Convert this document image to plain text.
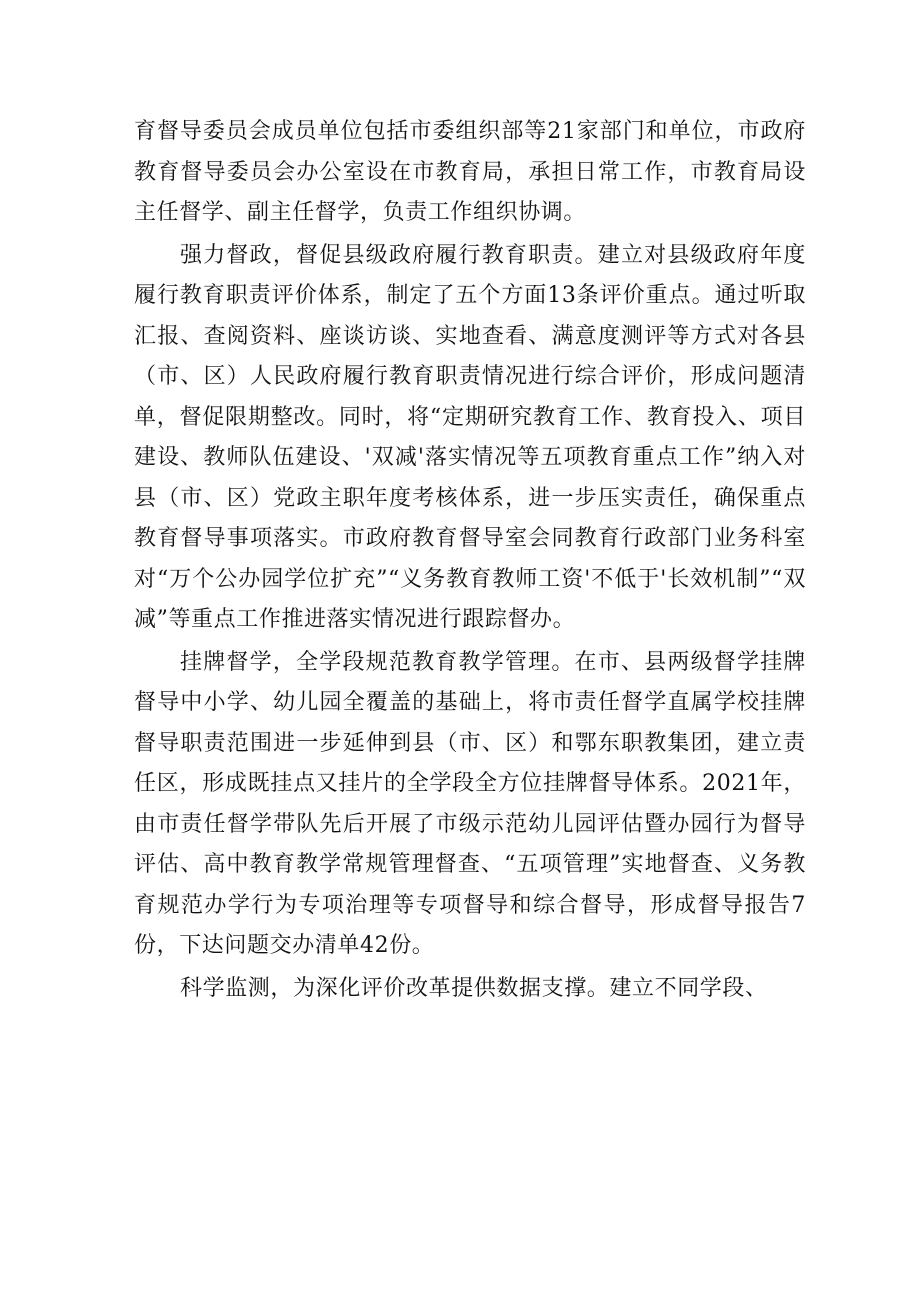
育督导委员会成员单位包括市委组织部等21家部门和单位，市政府教育督导委员会办公室设在市教育局，承担日常工作，市教育局设主任督学、副主任督学，负责工作组织协调。

强力督政，督促县级政府履行教育职责。建立对县级政府年度履行教育职责评价体系，制定了五个方面13条评价重点。通过听取汇报、查阅资料、座谈访谈、实地查看、满意度测评等方式对各县（市、区）人民政府履行教育职责情况进行综合评价，形成问题清单，督促限期整改。同时，将“定期研究教育工作、教育投入、项目建设、教师队伍建设、'双减'落实情况等五项教育重点工作”纳入对县（市、区）党政主职年度考核体系，进一步压实责任，确保重点教育督导事项落实。市政府教育督导室会同教育行政部门业务科室对“万个公办园学位扩充”“义务教育教师工资'不低于'长效机制”“双减”等重点工作推进落实情况进行跟踪督办。

挂牌督学，全学段规范教育教学管理。在市、县两级督学挂牌督导中小学、幼儿园全覆盖的基础上，将市责任督学直属学校挂牌督导职责范围进一步延伸到县（市、区）和鄂东职教集团，建立责任区，形成既挂点又挂片的全学段全方位挂牌督导体系。2021年，由市责任督学带队先后开展了市级示范幼儿园评估暨办园行为督导评估、高中教育教学常规管理督查、“五项管理”实地督查、义务教育规范办学行为专项治理等专项督导和综合督导，形成督导报告7份，下达问题交办清单42份。

科学监测，为深化评价改革提供数据支撑。建立不同学段、
